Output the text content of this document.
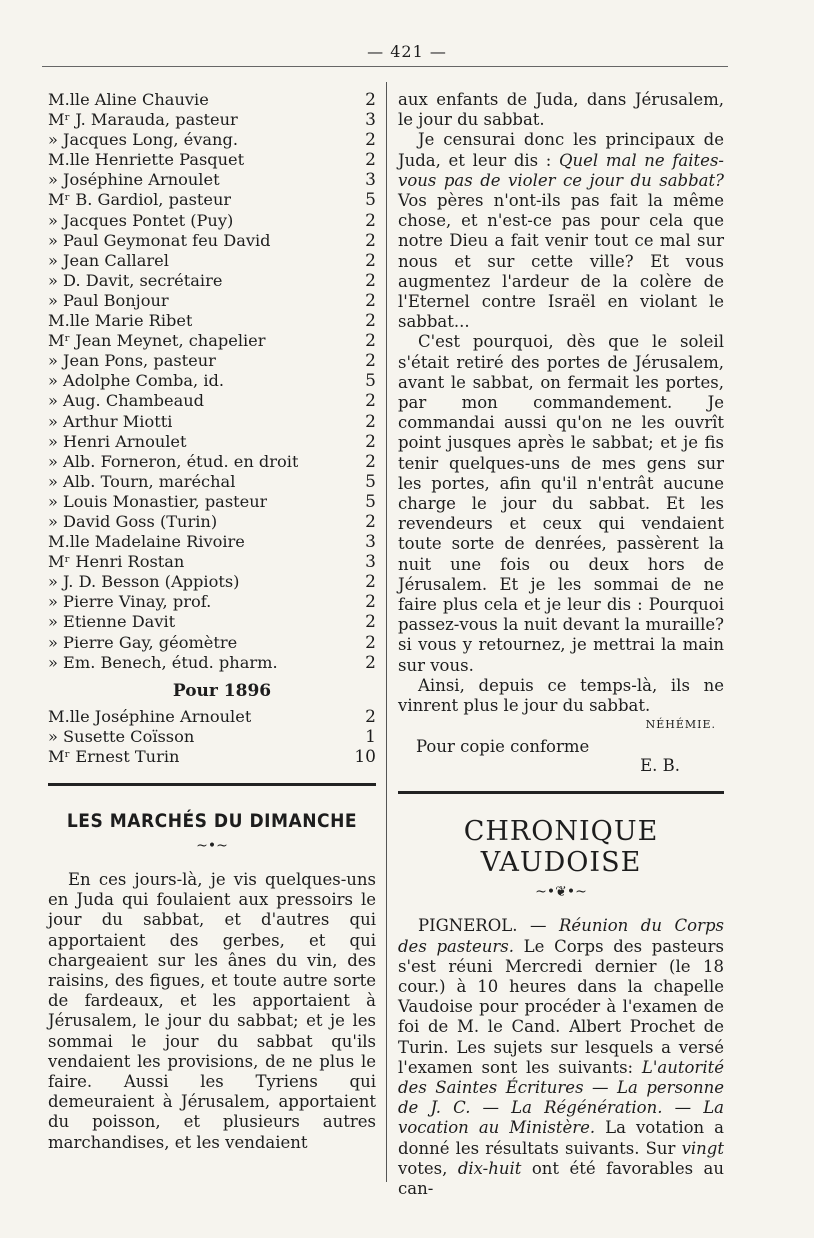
— 421 —
M.lle Aline Chauvie	2
Mʳ J. Marauda, pasteur	3
» Jacques Long, évang.	2
M.lle Henriette Pasquet	2
» Joséphine Arnoulet	3
Mʳ B. Gardiol, pasteur	5
» Jacques Pontet (Puy)	2
» Paul Geymonat feu David	2
» Jean Callarel	2
» D. Davit, secrétaire	2
» Paul Bonjour	2
M.lle Marie Ribet	2
Mʳ Jean Meynet, chapelier	2
» Jean Pons, pasteur	2
» Adolphe Comba, id.	5
» Aug. Chambeaud	2
» Arthur Miotti	2
» Henri Arnoulet	2
» Alb. Forneron, étud. en droit	2
» Alb. Tourn, maréchal	5
» Louis Monastier, pasteur	5
» David Goss (Turin)	2
M.lle Madelaine Rivoire	3
Mʳ Henri Rostan	3
» J. D. Besson (Appiots)	2
» Pierre Vinay, prof.	2
» Etienne Davit	2
» Pierre Gay, géomètre	2
» Em. Benech, étud. pharm.	2
Pour 1896
M.lle Joséphine Arnoulet	2
» Susette Coïsson	1
Mʳ Ernest Turin	10
LES MARCHÉS DU DIMANCHE
~•~

En ces jours-là, je vis quelques-uns en Juda qui foulaient aux pressoirs le jour du sabbat, et d'autres qui apportaient des gerbes, et qui chargeaient sur les ânes du vin, des raisins, des figues, et toute autre sorte de fardeaux, et les apportaient à Jérusalem, le jour du sabbat; et je les sommai le jour du sabbat qu'ils vendaient les provisions, de ne plus le faire. Aussi les Tyriens qui demeuraient à Jérusalem, apportaient du poisson, et plusieurs autres marchandises, et les vendaient

aux enfants de Juda, dans Jérusalem, le jour du sabbat.

Je censurai donc les principaux de Juda, et leur dis : Quel mal ne faites-vous pas de violer ce jour du sabbat? Vos pères n'ont-ils pas fait la même chose, et n'est-ce pas pour cela que notre Dieu a fait venir tout ce mal sur nous et sur cette ville? Et vous augmentez l'ardeur de la colère de l'Eternel contre Israël en violant le sabbat...

C'est pourquoi, dès que le soleil s'était retiré des portes de Jérusalem, avant le sabbat, on fermait les portes, par mon commandement. Je commandai aussi qu'on ne les ouvrît point jusques après le sabbat; et je fis tenir quelques-uns de mes gens sur les portes, afin qu'il n'entrât aucune charge le jour du sabbat. Et les revendeurs et ceux qui vendaient toute sorte de denrées, passèrent la nuit une fois ou deux hors de Jérusalem. Et je les sommai de ne faire plus cela et je leur dis : Pourquoi passez-vous la nuit devant la muraille? si vous y retournez, je mettrai la main sur vous.

Ainsi, depuis ce temps-là, ils ne vinrent plus le jour du sabbat.

NÉHÉMIE.
Pour copie conforme
E. B.
CHRONIQUE VAUDOISE
~•❦•~

PIGNEROL. — Réunion du Corps des pasteurs. Le Corps des pasteurs s'est réuni Mercredi dernier (le 18 cour.) à 10 heures dans la chapelle Vaudoise pour procéder à l'examen de foi de M. le Cand. Albert Prochet de Turin. Les sujets sur lesquels a versé l'examen sont les suivants: L'autorité des Saintes Écritures — La personne de J. C. — La Régénération. — La vocation au Ministère. La votation a donné les résultats suivants. Sur vingt votes, dix-huit ont été favorables au can-
